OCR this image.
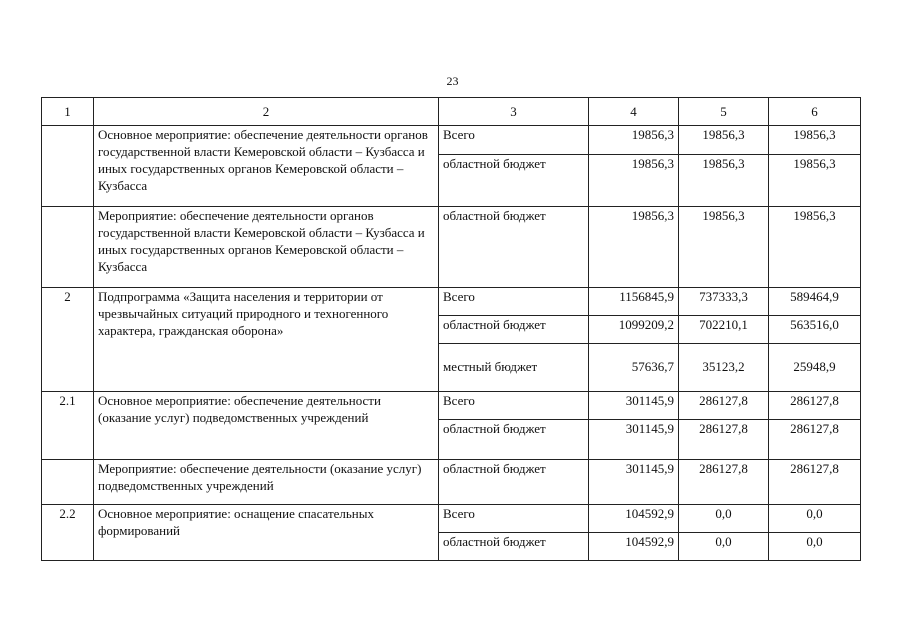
23
1	2	3	4	5	6
	Основное мероприятие: обеспечение деятельности органов государственной власти Кемеровской области – Кузбасса и иных государственных органов Кемеровской области – Кузбасса	Всего	19856,3	19856,3	19856,3
		областной бюджет	19856,3	19856,3	19856,3
	Мероприятие: обеспечение деятельности органов государственной власти Кемеровской области – Кузбасса и иных государственных органов Кемеровской области – Кузбасса	областной бюджет	19856,3	19856,3	19856,3
2	Подпрограмма «Защита населения и территории от чрезвычайных ситуаций природного и техногенного характера, гражданская оборона»	Всего	1156845,9	737333,3	589464,9
		областной бюджет	1099209,2	702210,1	563516,0
		местный бюджет	57636,7	35123,2	25948,9
2.1	Основное мероприятие: обеспечение деятельности (оказание услуг) подведомственных учреждений	Всего	301145,9	286127,8	286127,8
		областной бюджет	301145,9	286127,8	286127,8
	Мероприятие: обеспечение деятельности (оказание услуг) подведомственных учреждений	областной бюджет	301145,9	286127,8	286127,8
2.2	Основное мероприятие: оснащение спасательных формирований	Всего	104592,9	0,0	0,0
		областной бюджет	104592,9	0,0	0,0
